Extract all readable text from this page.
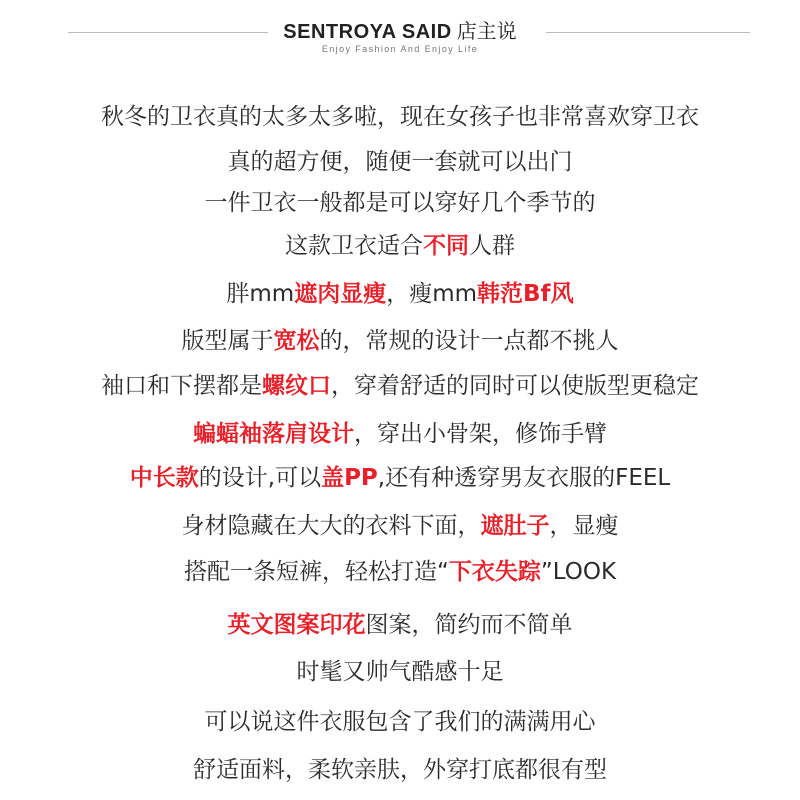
SENTROYA SAID 店主说
Enjoy Fashion And Enjoy Life
秋冬的卫衣真的太多太多啦，现在女孩子也非常喜欢穿卫衣
真的超方便，随便一套就可以出门
一件卫衣一般都是可以穿好几个季节的
这款卫衣适合不同人群
胖mm遮肉显瘦，瘦mm韩范Bf风
版型属于宽松的，常规的设计一点都不挑人
袖口和下摆都是螺纹口，穿着舒适的同时可以使版型更稳定
蝙蝠袖落肩设计，穿出小骨架，修饰手臂
中长款的设计,可以盖PP,还有种透穿男友衣服的FEEL
身材隐藏在大大的衣料下面，遮肚子，显瘦
搭配一条短裤，轻松打造“下衣失踪”LOOK
英文图案印花图案，简约而不简单
时髦又帅气酷感十足
可以说这件衣服包含了我们的满满用心
舒适面料，柔软亲肤，外穿打底都很有型
